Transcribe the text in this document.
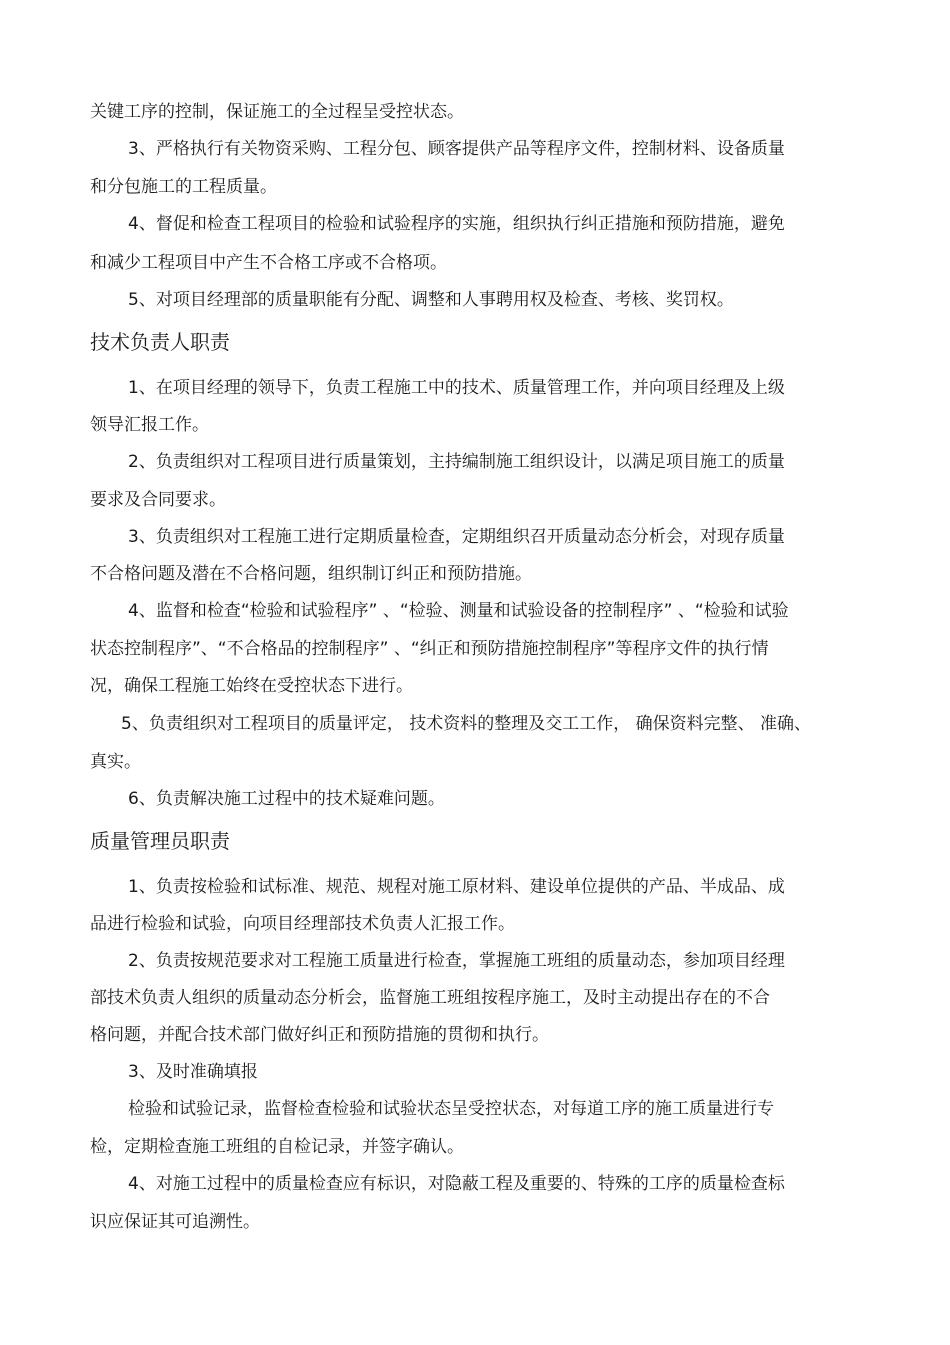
关键工序的控制，保证施工的全过程呈受控状态。
3、严格执行有关物资采购、工程分包、顾客提供产品等程序文件，控制材料、设备质量
和分包施工的工程质量。
4、督促和检查工程项目的检验和试验程序的实施，组织执行纠正措施和预防措施，避免
和减少工程项目中产生不合格工序或不合格项。
5、对项目经理部的质量职能有分配、调整和人事聘用权及检查、考核、奖罚权。
技术负责人职责
1、在项目经理的领导下，负责工程施工中的技术、质量管理工作，并向项目经理及上级
领导汇报工作。
2、负责组织对工程项目进行质量策划，主持编制施工组织设计，以满足项目施工的质量
要求及合同要求。
3、负责组织对工程施工进行定期质量检查，定期组织召开质量动态分析会，对现存质量
不合格问题及潜在不合格问题，组织制订纠正和预防措施。
4、监督和检查“检验和试验程序” 、“检验、测量和试验设备的控制程序” 、“检验和试验
状态控制程序”、“不合格品的控制程序” 、“纠正和预防措施控制程序”等程序文件的执行情
况，确保工程施工始终在受控状态下进行。
5、负责组织对工程项目的质量评定， 技术资料的整理及交工工作， 确保资料完整、 准确、
真实。
6、负责解决施工过程中的技术疑难问题。
质量管理员职责
1、负责按检验和试标准、规范、规程对施工原材料、建设单位提供的产品、半成品、成
品进行检验和试验，向项目经理部技术负责人汇报工作。
2、负责按规范要求对工程施工质量进行检查，掌握施工班组的质量动态，参加项目经理
部技术负责人组织的质量动态分析会，监督施工班组按程序施工，及时主动提出存在的不合
格问题，并配合技术部门做好纠正和预防措施的贯彻和执行。
3、及时准确填报
检验和试验记录，监督检查检验和试验状态呈受控状态，对每道工序的施工质量进行专
检，定期检查施工班组的自检记录，并签字确认。
4、对施工过程中的质量检查应有标识，对隐蔽工程及重要的、特殊的工序的质量检查标
识应保证其可追溯性。
